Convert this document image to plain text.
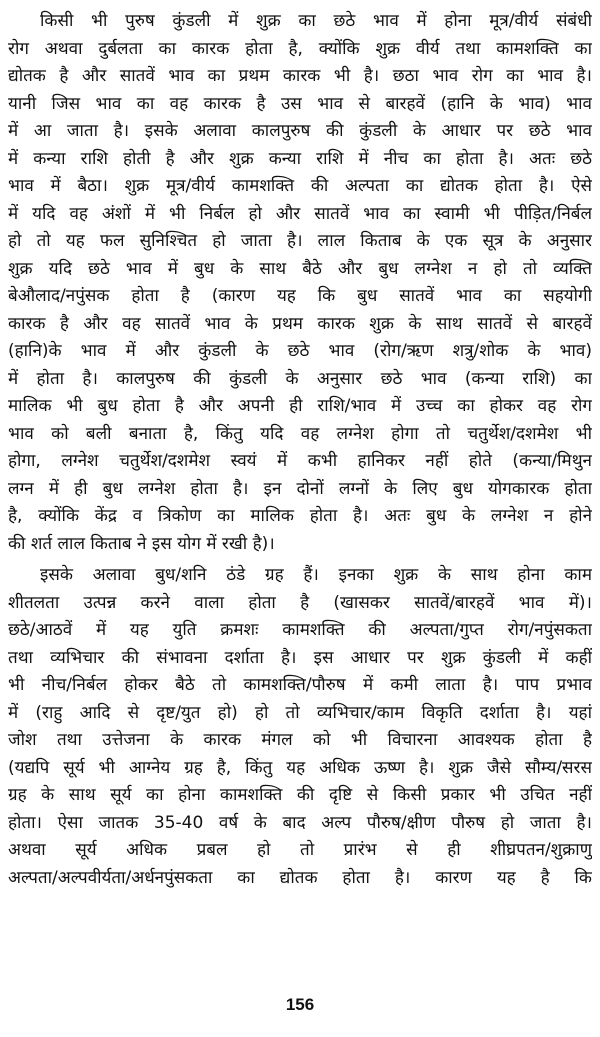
किसी भी पुरुष कुंडली में शुक्र का छठे भाव में होना मूत्र/वीर्य संबंधी
रोग अथवा दुर्बलता का कारक होता है, क्योंकि शुक्र वीर्य तथा कामशक्ति का
द्योतक है और सातवें भाव का प्रथम कारक भी है। छठा भाव रोग का भाव है।
यानी जिस भाव का वह कारक है उस भाव से बारहवें (हानि के भाव) भाव
में आ जाता है। इसके अलावा कालपुरुष की कुंडली के आधार पर छठे भाव
में कन्या राशि होती है और शुक्र कन्या राशि में नीच का होता है। अतः छठे
भाव में बैठा। शुक्र मूत्र/वीर्य कामशक्ति की अल्पता का द्योतक होता है। ऐसे
में यदि वह अंशों में भी निर्बल हो और सातवें भाव का स्वामी भी पीड़ित/निर्बल
हो तो यह फल सुनिश्चित हो जाता है। लाल किताब के एक सूत्र के अनुसार
शुक्र यदि छठे भाव में बुध के साथ बैठे और बुध लग्नेश न हो तो व्यक्ति
बेऔलाद/नपुंसक होता है (कारण यह कि बुध सातवें भाव का सहयोगी
कारक है और वह सातवें भाव के प्रथम कारक शुक्र के साथ सातवें से बारहवें
(हानि)के भाव में और कुंडली के छठे भाव (रोग/ऋण शत्रु/शोक के भाव)
में होता है। कालपुरुष की कुंडली के अनुसार छठे भाव (कन्या राशि) का
मालिक भी बुध होता है और अपनी ही राशि/भाव में उच्च का होकर वह रोग
भाव को बली बनाता है, किंतु यदि वह लग्नेश होगा तो चतुर्थेश/दशमेश भी
होगा, लग्नेश चतुर्थेश/दशमेश स्वयं में कभी हानिकर नहीं होते (कन्या/मिथुन
लग्न में ही बुध लग्नेश होता है। इन दोनों लग्नों के लिए बुध योगकारक होता
है, क्योंकि केंद्र व त्रिकोण का मालिक होता है। अतः बुध के लग्नेश न होने
की शर्त लाल किताब ने इस योग में रखी है)।
इसके अलावा बुध/शनि ठंडे ग्रह हैं। इनका शुक्र के साथ होना काम
शीतलता उत्पन्न करने वाला होता है (खासकर सातवें/बारहवें भाव में)।
छठे/आठवें में यह युति क्रमशः कामशक्ति की अल्पता/गुप्त रोग/नपुंसकता
तथा व्यभिचार की संभावना दर्शाता है। इस आधार पर शुक्र कुंडली में कहीं
भी नीच/निर्बल होकर बैठे तो कामशक्ति/पौरुष में कमी लाता है। पाप प्रभाव
में (राहु आदि से दृष्ट/युत हो) हो तो व्यभिचार/काम विकृति दर्शाता है। यहां
जोश तथा उत्तेजना के कारक मंगल को भी विचारना आवश्यक होता है
(यद्यपि सूर्य भी आग्नेय ग्रह है, किंतु यह अधिक ऊष्ण है। शुक्र जैसे सौम्य/सरस
ग्रह के साथ सूर्य का होना कामशक्ति की दृष्टि से किसी प्रकार भी उचित नहीं
होता। ऐसा जातक 35-40 वर्ष के बाद अल्प पौरुष/क्षीण पौरुष हो जाता है।
अथवा सूर्य अधिक प्रबल हो तो प्रारंभ से ही शीघ्रपतन/शुक्राणु
अल्पता/अल्पवीर्यता/अर्धनपुंसकता का द्योतक होता है। कारण यह है कि
156
